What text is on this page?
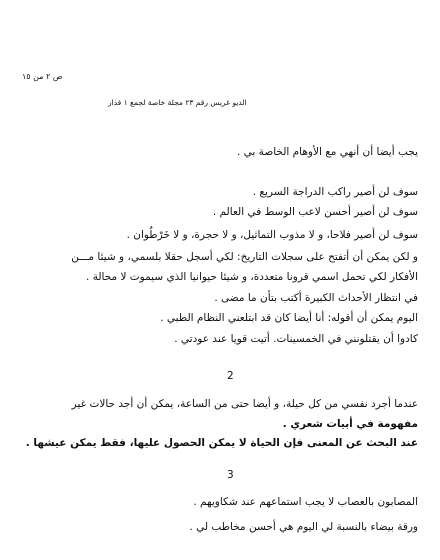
ص ٢ من ١٥
الديو غريس رقم ٢٣ مجلة خاصة لجمع ١ قذار
يجب أيضا أن أنهي مع الأوهام الخاصة بي .
سوف لن أصير راكب الدراجة السريع .
سوف لن أصير أحسن لاعب الوسط في العالم .
سوف لن أصير فلاحا، و لا مذوب التماثيل، و لا حجرة، و لا خَرْطُوان .
و لكن يمكن أن أتفتح على سجلات التاريخ: لكي أسجل حقلا بلسمي، و شيئا مـــن
الأفكار لكي تحمل اسمي قرونا متعددة، و شيئا حيوانيا الذي سيموت لا محالة .
في انتظار الأحداث الكبيرة أكتب بتأن ما مضى .
اليوم يمكن أن أقوله: أنا أيضا كان قد ابتلعني النظام الطبي .
كادوا أن يقتلونني في الخمسينات. أتيت قويا عند عودتي .
2
عندما أجرد نفسي من كل حيلة، و أيضا حتى من الساعة، يمكن أن أجد حالات غير
مفهومة في أبيات شعري .
عند البحث عن المعنى فإن الحياة لا يمكن الحصول عليها، فقط يمكن عيشها .
3
المصابون بالعصاب لا يجب استماعهم عند شكاويهم .
ورقة بيضاء بالنسبة لي اليوم هي أحسن مخاطب لي .
